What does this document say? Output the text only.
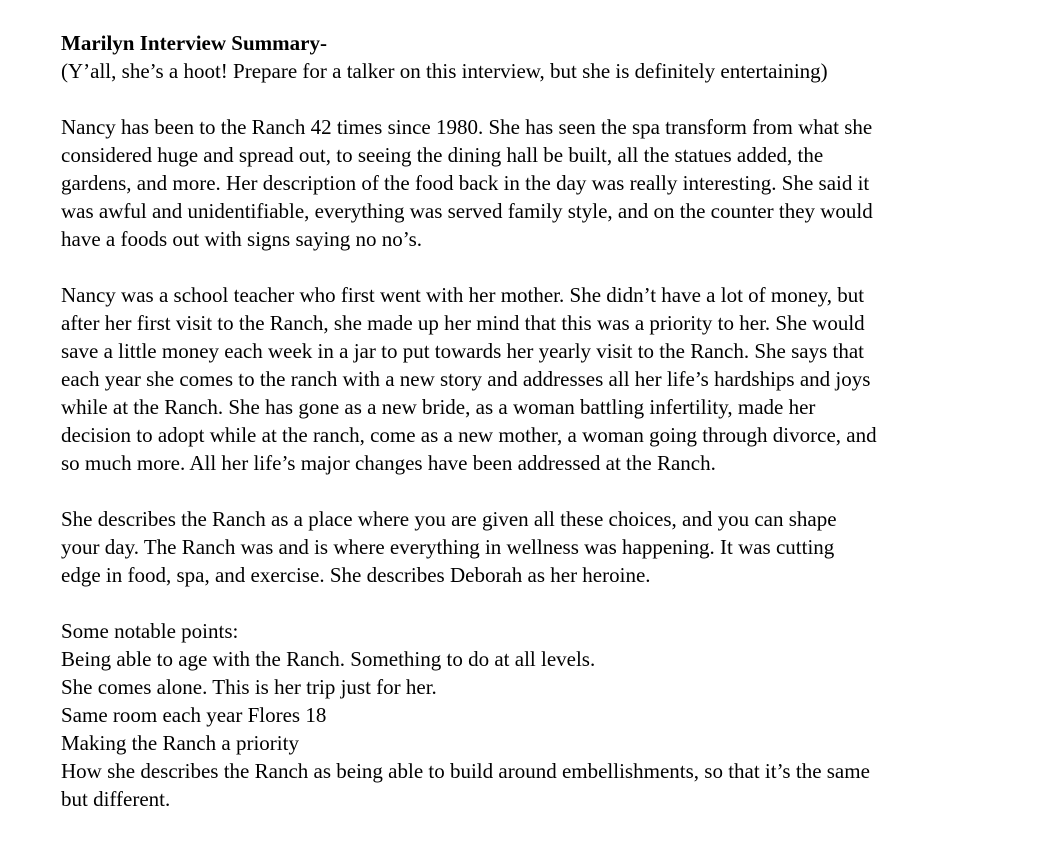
Marilyn Interview Summary-

(Y’all, she’s a hoot! Prepare for a talker on this interview, but she is definitely entertaining)

Nancy has been to the Ranch 42 times since 1980. She has seen the spa transform from what she

considered huge and spread out, to seeing the dining hall be built, all the statues added, the

gardens, and more. Her description of the food back in the day was really interesting. She said it

was awful and unidentifiable, everything was served family style, and on the counter they would

have a foods out with signs saying no no’s.

Nancy was a school teacher who first went with her mother. She didn’t have a lot of money, but

after her first visit to the Ranch, she made up her mind that this was a priority to her. She would

save a little money each week in a jar to put towards her yearly visit to the Ranch. She says that

each year she comes to the ranch with a new story and addresses all her life’s hardships and joys

while at the Ranch. She has gone as a new bride, as a woman battling infertility, made her

decision to adopt while at the ranch, come as a new mother, a woman going through divorce, and

so much more. All her life’s major changes have been addressed at the Ranch.

She describes the Ranch as a place where you are given all these choices, and you can shape

your day. The Ranch was and is where everything in wellness was happening. It was cutting

edge in food, spa, and exercise. She describes Deborah as her heroine.

Some notable points:

Being able to age with the Ranch. Something to do at all levels.

She comes alone. This is her trip just for her.

Same room each year Flores 18

Making the Ranch a priority

How she describes the Ranch as being able to build around embellishments, so that it’s the same

but different.
